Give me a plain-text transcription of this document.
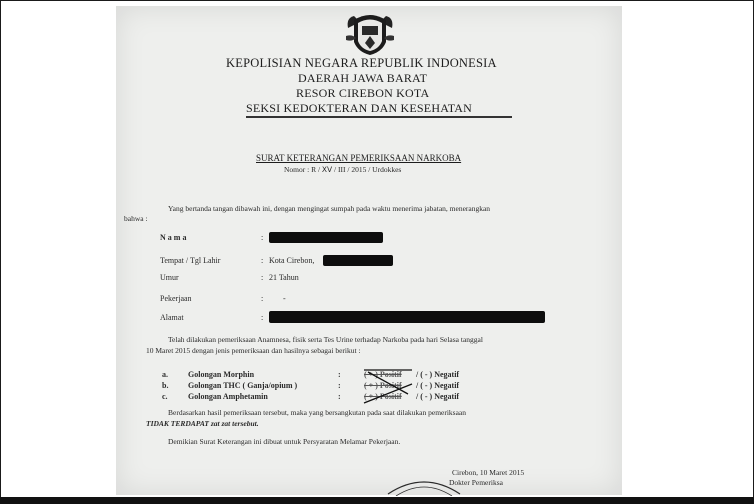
KEPOLISIAN NEGARA REPUBLIK INDONESIA
DAERAH JAWA BARAT
RESOR CIREBON KOTA
SEKSI KEDOKTERAN DAN KESEHATAN
SURAT KETERANGAN PEMERIKSAAN NARKOBA
Nomor : R / ⅩⅤ / III / 2015 / Urdokkes
Yang bertanda tangan dibawah ini, dengan mengingat sumpah pada waktu menerima jabatan, menerangkan
bahwa :
Nama	:
Tempat / Tgl Lahir	: Kota Cirebon,
Umur	: 21 Tahun
Pekerjaan	: -
Alamat	:
Telah dilakukan pemeriksaan Anamnesa, fisik serta Tes Urine terhadap Narkoba pada hari Selasa tanggal
10 Maret 2015 dengan jenis pemeriksaan dan hasilnya sebagai berikut :
a.	Golongan Morphin	:	( + ) Positif / ( - ) Negatif
b. Golongan THC ( Ganja/opium )	:	( + ) Positif / ( - ) Negatif
c.	Golongan Amphetamin	:	( + ) Positif / ( - ) Negatif
Berdasarkan hasil pemeriksaan tersebut, maka yang bersangkutan pada saat dilakukan pemeriksaan
TIDAK TERDAPAT zat zat tersebut.
Demikian Surat Keterangan ini dibuat untuk Persyaratan Melamar Pekerjaan.
Cirebon, 10 Maret 2015
Dokter Pemeriksa
